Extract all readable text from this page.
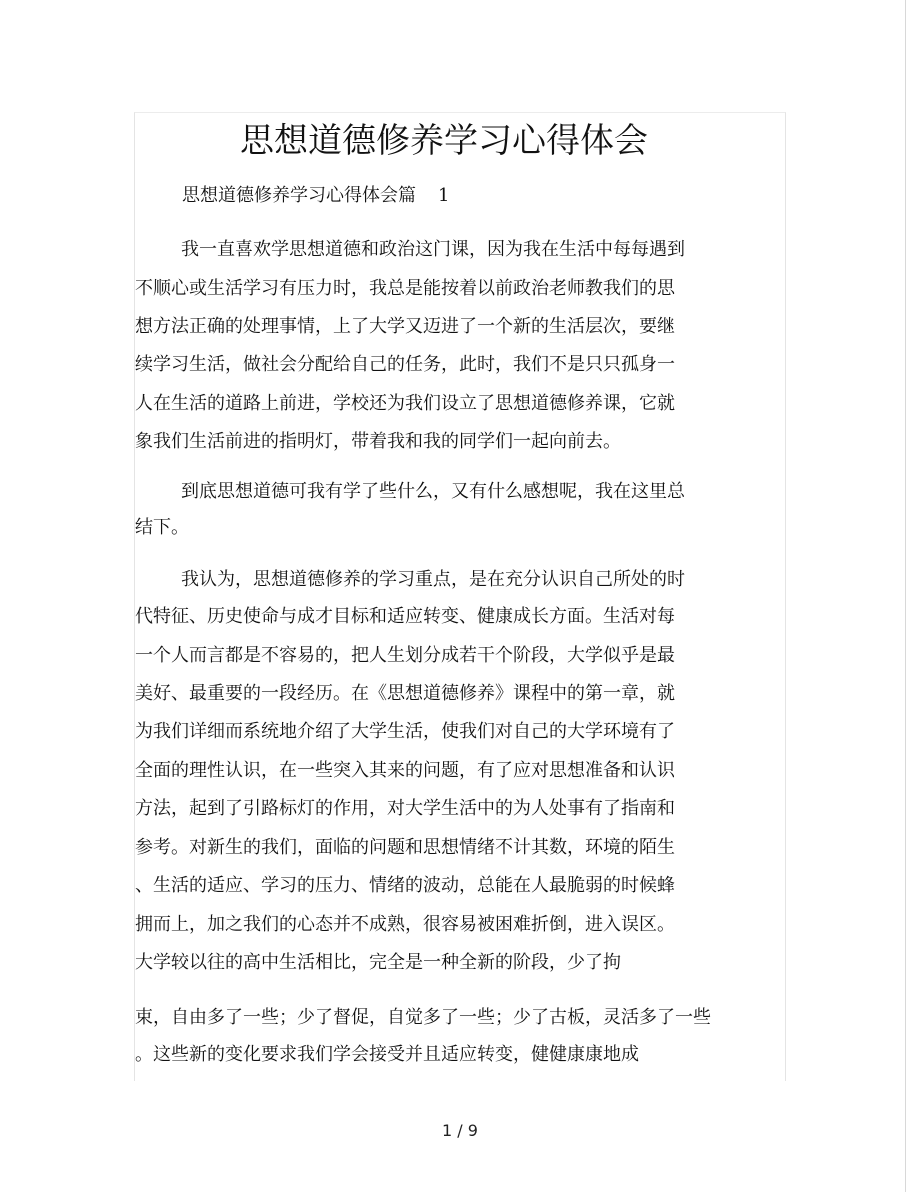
思想道德修养学习心得体会
思想道德修养学习心得体会篇 1
我一直喜欢学思想道德和政治这门课，因为我在生活中每每遇到
不顺心或生活学习有压力时，我总是能按着以前政治老师教我们的思
想方法正确的处理事情，上了大学又迈进了一个新的生活层次，要继
续学习生活，做社会分配给自己的任务，此时，我们不是只只孤身一
人在生活的道路上前进，学校还为我们设立了思想道德修养课，它就
象我们生活前进的指明灯，带着我和我的同学们一起向前去。
到底思想道德可我有学了些什么，又有什么感想呢，我在这里总
结下。
我认为，思想道德修养的学习重点，是在充分认识自己所处的时
代特征、历史使命与成才目标和适应转变、健康成长方面。生活对每
一个人而言都是不容易的，把人生划分成若干个阶段，大学似乎是最
美好、最重要的一段经历。在《思想道德修养》课程中的第一章，就
为我们详细而系统地介绍了大学生活，使我们对自己的大学环境有了
全面的理性认识，在一些突入其来的问题，有了应对思想准备和认识
方法，起到了引路标灯的作用，对大学生活中的为人处事有了指南和
参考。对新生的我们，面临的问题和思想情绪不计其数，环境的陌生
、生活的适应、学习的压力、情绪的波动，总能在人最脆弱的时候蜂
拥而上，加之我们的心态并不成熟，很容易被困难折倒，进入误区。
大学较以往的高中生活相比，完全是一种全新的阶段，少了拘
束，自由多了一些；少了督促，自觉多了一些；少了古板，灵活多了一些
。这些新的变化要求我们学会接受并且适应转变，健健康康地成
1 / 9
